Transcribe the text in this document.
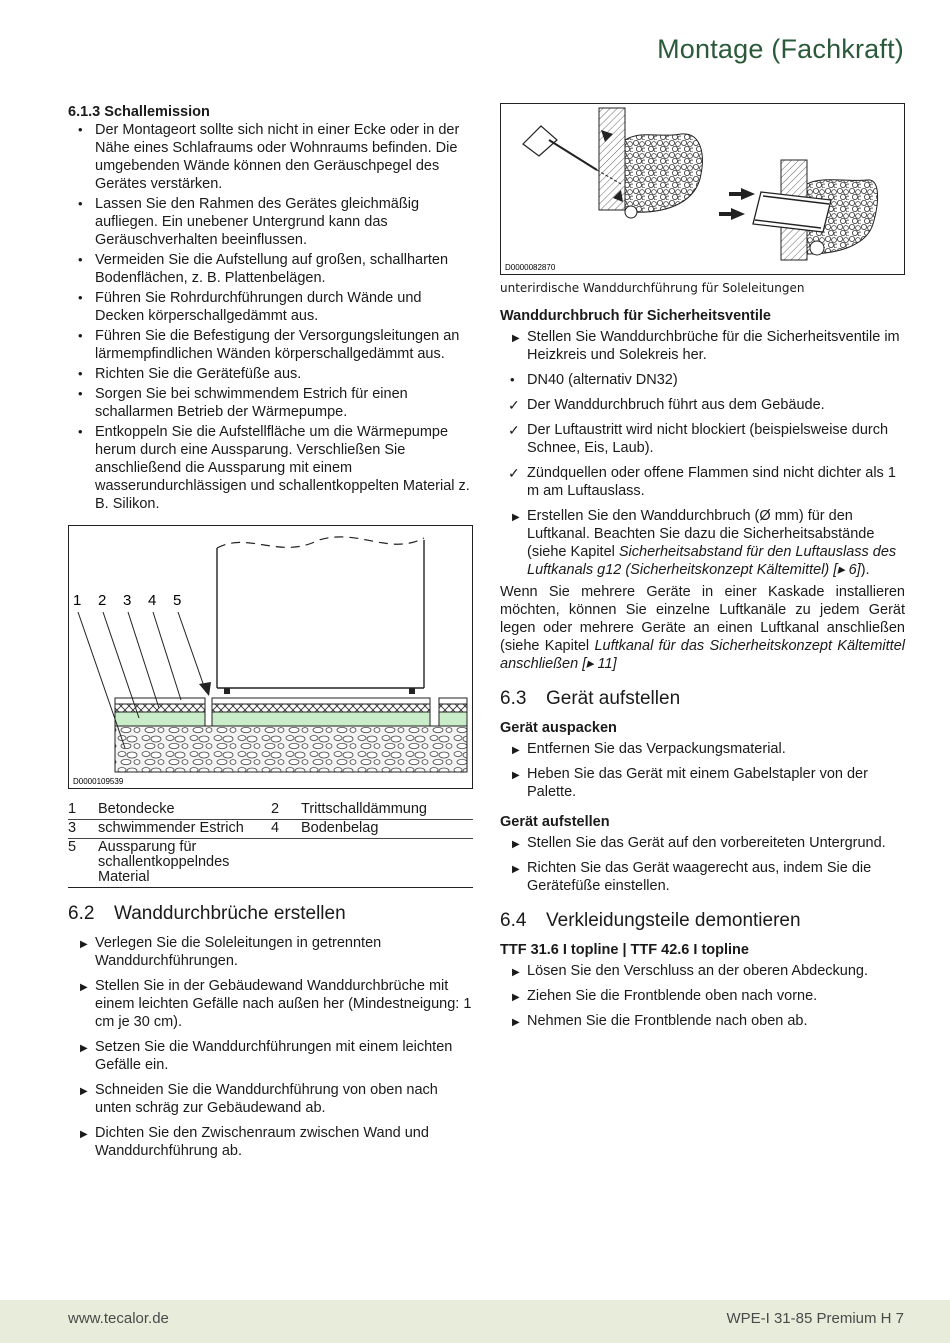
Montage (Fachkraft)
6.1.3 Schallemission
• Der Montageort sollte sich nicht in einer Ecke oder in der Nähe eines Schlafraums oder Wohnraums befinden. Die umgebenden Wände können den Geräuschpegel des Gerätes verstärken.
• Lassen Sie den Rahmen des Gerätes gleichmäßig aufliegen. Ein unebener Untergrund kann das Geräuschverhalten beeinflussen.
• Vermeiden Sie die Aufstellung auf großen, schallharten Bodenflächen, z. B. Plattenbelägen.
• Führen Sie Rohrdurchführungen durch Wände und Decken körperschallgedämmt aus.
• Führen Sie die Befestigung der Versorgungsleitungen an lärmempfindlichen Wänden körperschallgedämmt aus.
• Richten Sie die Gerätefüße aus.
• Sorgen Sie bei schwimmendem Estrich für einen schallarmen Betrieb der Wärmepumpe.
• Entkoppeln Sie die Aufstellfläche um die Wärmepumpe herum durch eine Aussparung. Verschließen Sie anschließend die Aussparung mit einem wasserundurchlässigen und schallentkoppelten Material z. B. Silikon.
1 2 3 4 5
D0000109539
1	Betondecke	2	Trittschalldämmung
3	schwimmender Estrich	4	Bodenbelag
5	Aussparung für schallentkoppelndes Material		
6.2 Wanddurchbrüche erstellen
▶ Verlegen Sie die Soleleitungen in getrennten Wanddurchführungen.
▶ Stellen Sie in der Gebäudewand Wanddurchbrüche mit einem leichten Gefälle nach außen her (Mindestneigung: 1 cm je 30 cm).
▶ Setzen Sie die Wanddurchführungen mit einem leichten Gefälle ein.
▶ Schneiden Sie die Wanddurchführung von oben nach unten schräg zur Gebäudewand ab.
▶ Dichten Sie den Zwischenraum zwischen Wand und Wanddurchführung ab.
D0000082870
unterirdische Wanddurchführung für Soleleitungen
Wanddurchbruch für Sicherheitsventile
▶ Stellen Sie Wanddurchbrüche für die Sicherheitsventile im Heizkreis und Solekreis her.
• DN40 (alternativ DN32)
✓ Der Wanddurchbruch führt aus dem Gebäude.
✓ Der Luftaustritt wird nicht blockiert (beispielsweise durch Schnee, Eis, Laub).
✓ Zündquellen oder offene Flammen sind nicht dichter als 1 m am Luftauslass.
▶ Erstellen Sie den Wanddurchbruch (Ø mm) für den Luftkanal. Beachten Sie dazu die Sicherheitsabstände (siehe Kapitel Sicherheitsabstand für den Luftauslass des Luftkanals g12 (Sicherheitskonzept Kältemittel) [▸ 6]).
Wenn Sie mehrere Geräte in einer Kaskade installieren möchten, können Sie einzelne Luftkanäle zu jedem Gerät legen oder mehrere Geräte an einen Luftkanal anschließen (siehe Kapitel Luftkanal für das Sicherheitskonzept Kältemittel anschließen [▸ 11]
6.3 Gerät aufstellen
Gerät auspacken
▶ Entfernen Sie das Verpackungsmaterial.
▶ Heben Sie das Gerät mit einem Gabelstapler von der Palette.
Gerät aufstellen
▶ Stellen Sie das Gerät auf den vorbereiteten Untergrund.
▶ Richten Sie das Gerät waagerecht aus, indem Sie die Gerätefüße einstellen.
6.4 Verkleidungsteile demontieren
TTF 31.6 I topline | TTF 42.6 I topline
▶ Lösen Sie den Verschluss an der oberen Abdeckung.
▶ Ziehen Sie die Frontblende oben nach vorne.
▶ Nehmen Sie die Frontblende nach oben ab.
www.tecalor.de	WPE-I 31-85 Premium H 7
